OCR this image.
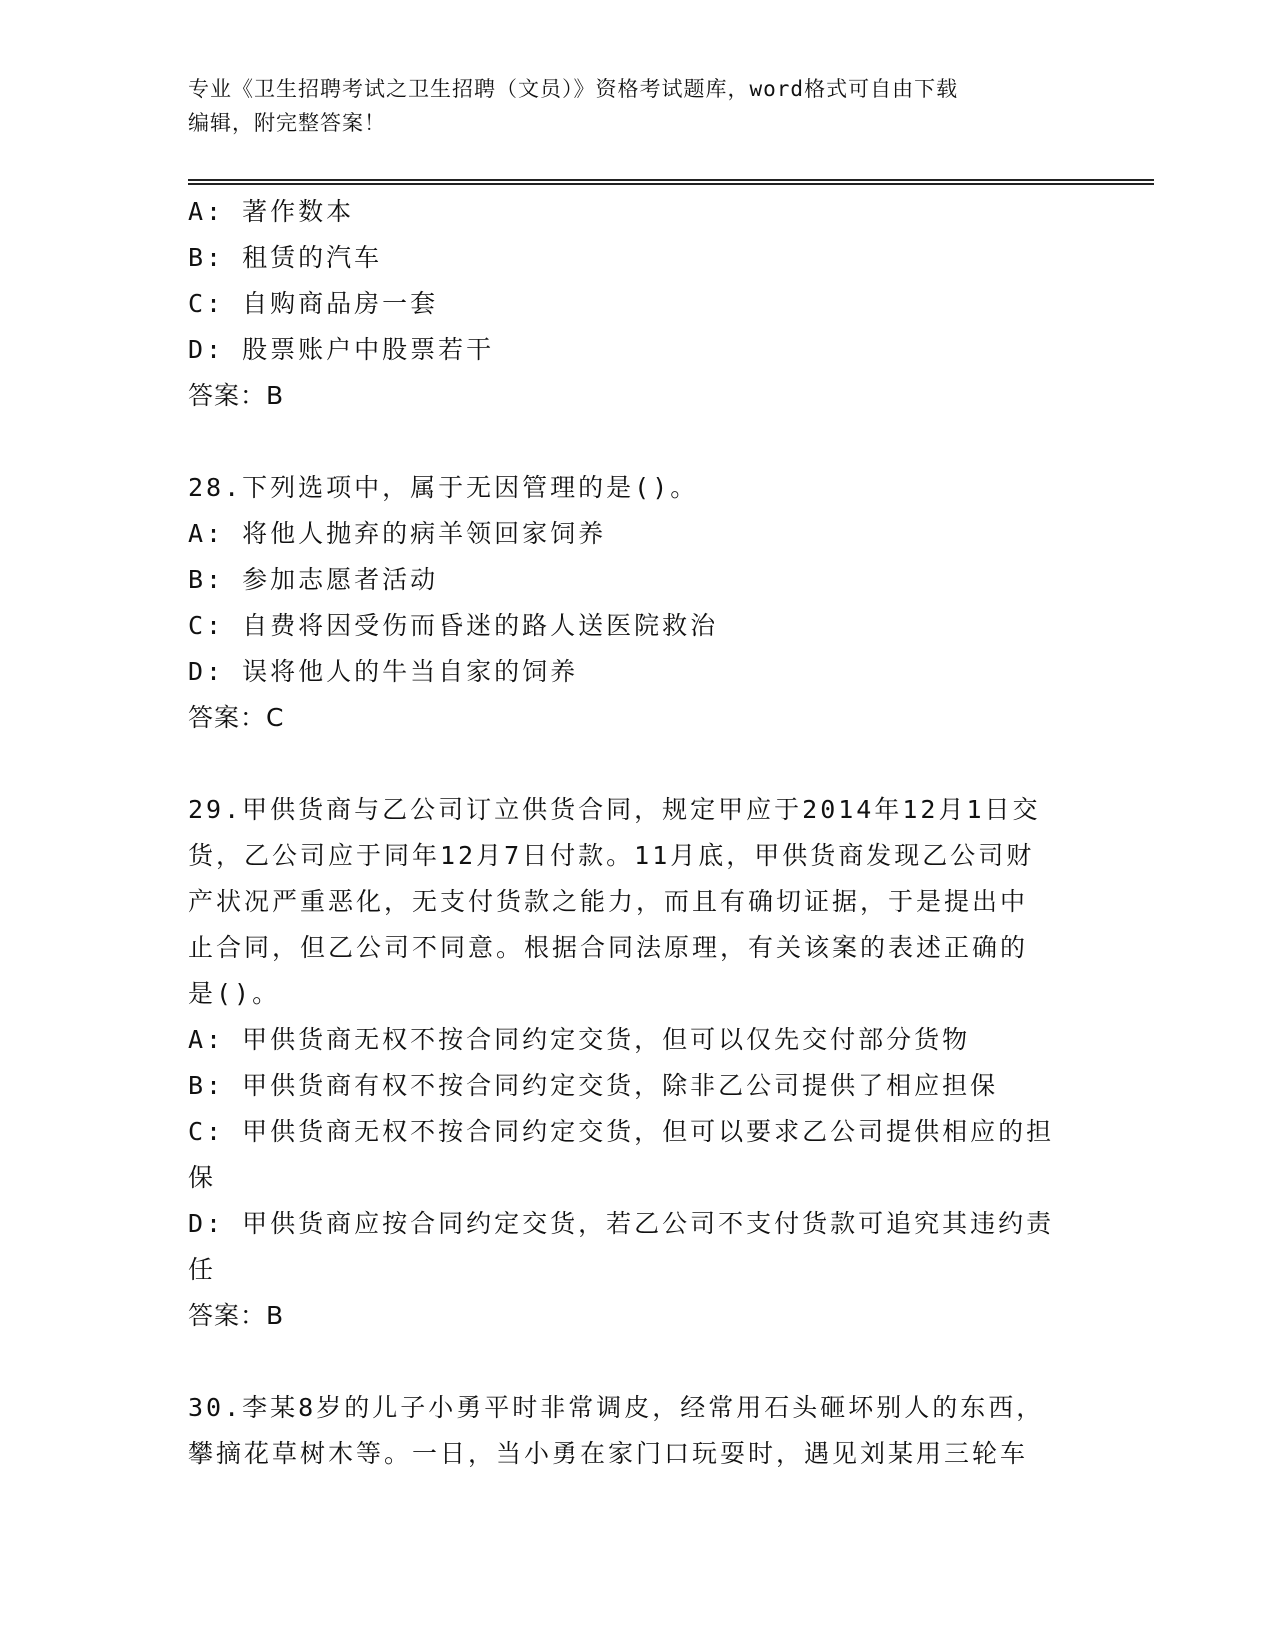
专业《卫生招聘考试之卫生招聘（文员）》资格考试题库，word格式可自由下载
编辑，附完整答案！
A: 著作数本
B: 租赁的汽车
C: 自购商品房一套
D: 股票账户中股票若干
答案：B
28.下列选项中，属于无因管理的是()。
A: 将他人抛弃的病羊领回家饲养
B: 参加志愿者活动
C: 自费将因受伤而昏迷的路人送医院救治
D: 误将他人的牛当自家的饲养
答案：C
29.甲供货商与乙公司订立供货合同，规定甲应于2014年12月1日交
货，乙公司应于同年12月7日付款。11月底，甲供货商发现乙公司财
产状况严重恶化，无支付货款之能力，而且有确切证据，于是提出中
止合同，但乙公司不同意。根据合同法原理，有关该案的表述正确的
是()。
A: 甲供货商无权不按合同约定交货，但可以仅先交付部分货物
B: 甲供货商有权不按合同约定交货，除非乙公司提供了相应担保
C: 甲供货商无权不按合同约定交货，但可以要求乙公司提供相应的担
保
D: 甲供货商应按合同约定交货，若乙公司不支付货款可追究其违约责
任
答案：B
30.李某8岁的儿子小勇平时非常调皮，经常用石头砸坏别人的东西，
攀摘花草树木等。一日，当小勇在家门口玩耍时，遇见刘某用三轮车
